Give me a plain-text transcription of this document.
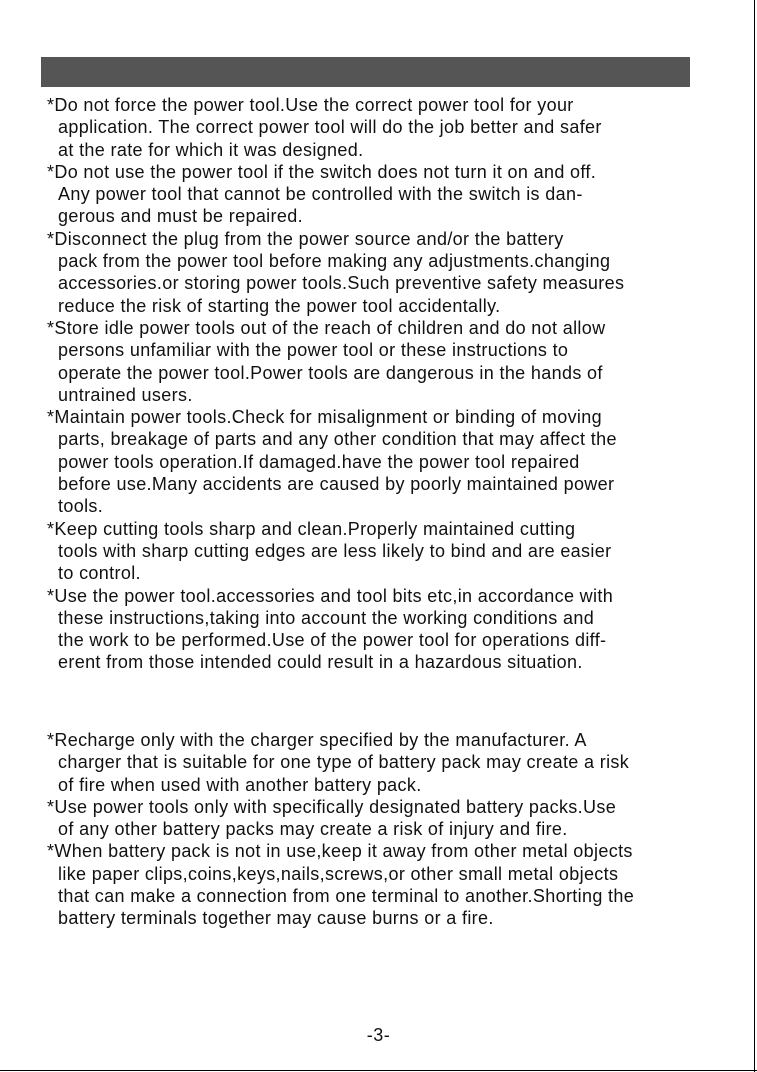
*Do not force the power tool.Use the correct power tool for your
application. The correct power tool will do the job better and safer
at the rate for which it was designed.
*Do not use the power tool if the switch does not turn it on and off.
Any power tool that cannot be controlled with the switch is dan-
gerous and must be repaired.
*Disconnect the plug from the power source and/or the battery
pack from the power tool before making any adjustments.changing
accessories.or storing power tools.Such preventive safety measures
reduce the risk of starting the power tool accidentally.
*Store idle power tools out of the reach of children and do not allow
persons unfamiliar with the power tool or these instructions to
operate the power tool.Power tools are dangerous in the hands of
untrained users.
*Maintain power tools.Check for misalignment or binding of moving
parts, breakage of parts and any other condition that may affect the
power tools operation.If damaged.have the power tool repaired
before use.Many accidents are caused by poorly maintained power
tools.
*Keep cutting tools sharp and clean.Properly maintained cutting
tools with sharp cutting edges are less likely to bind and are easier
to control.
*Use the power tool.accessories and tool bits etc,in accordance with
these instructions,taking into account the working conditions and
the work to be performed.Use of the power tool for operations diff-
erent from those intended could result in a hazardous situation.
*Recharge only with the charger specified by the manufacturer. A
charger that is suitable for one type of battery pack may create a risk
of fire when used with another battery pack.
*Use power tools only with specifically designated battery packs.Use
of any other battery packs may create a risk of injury and fire.
*When battery pack is not in use,keep it away from other metal objects
like paper clips,coins,keys,nails,screws,or other small metal objects
that can make a connection from one terminal to another.Shorting the
battery terminals together may cause burns or a fire.
-3-
